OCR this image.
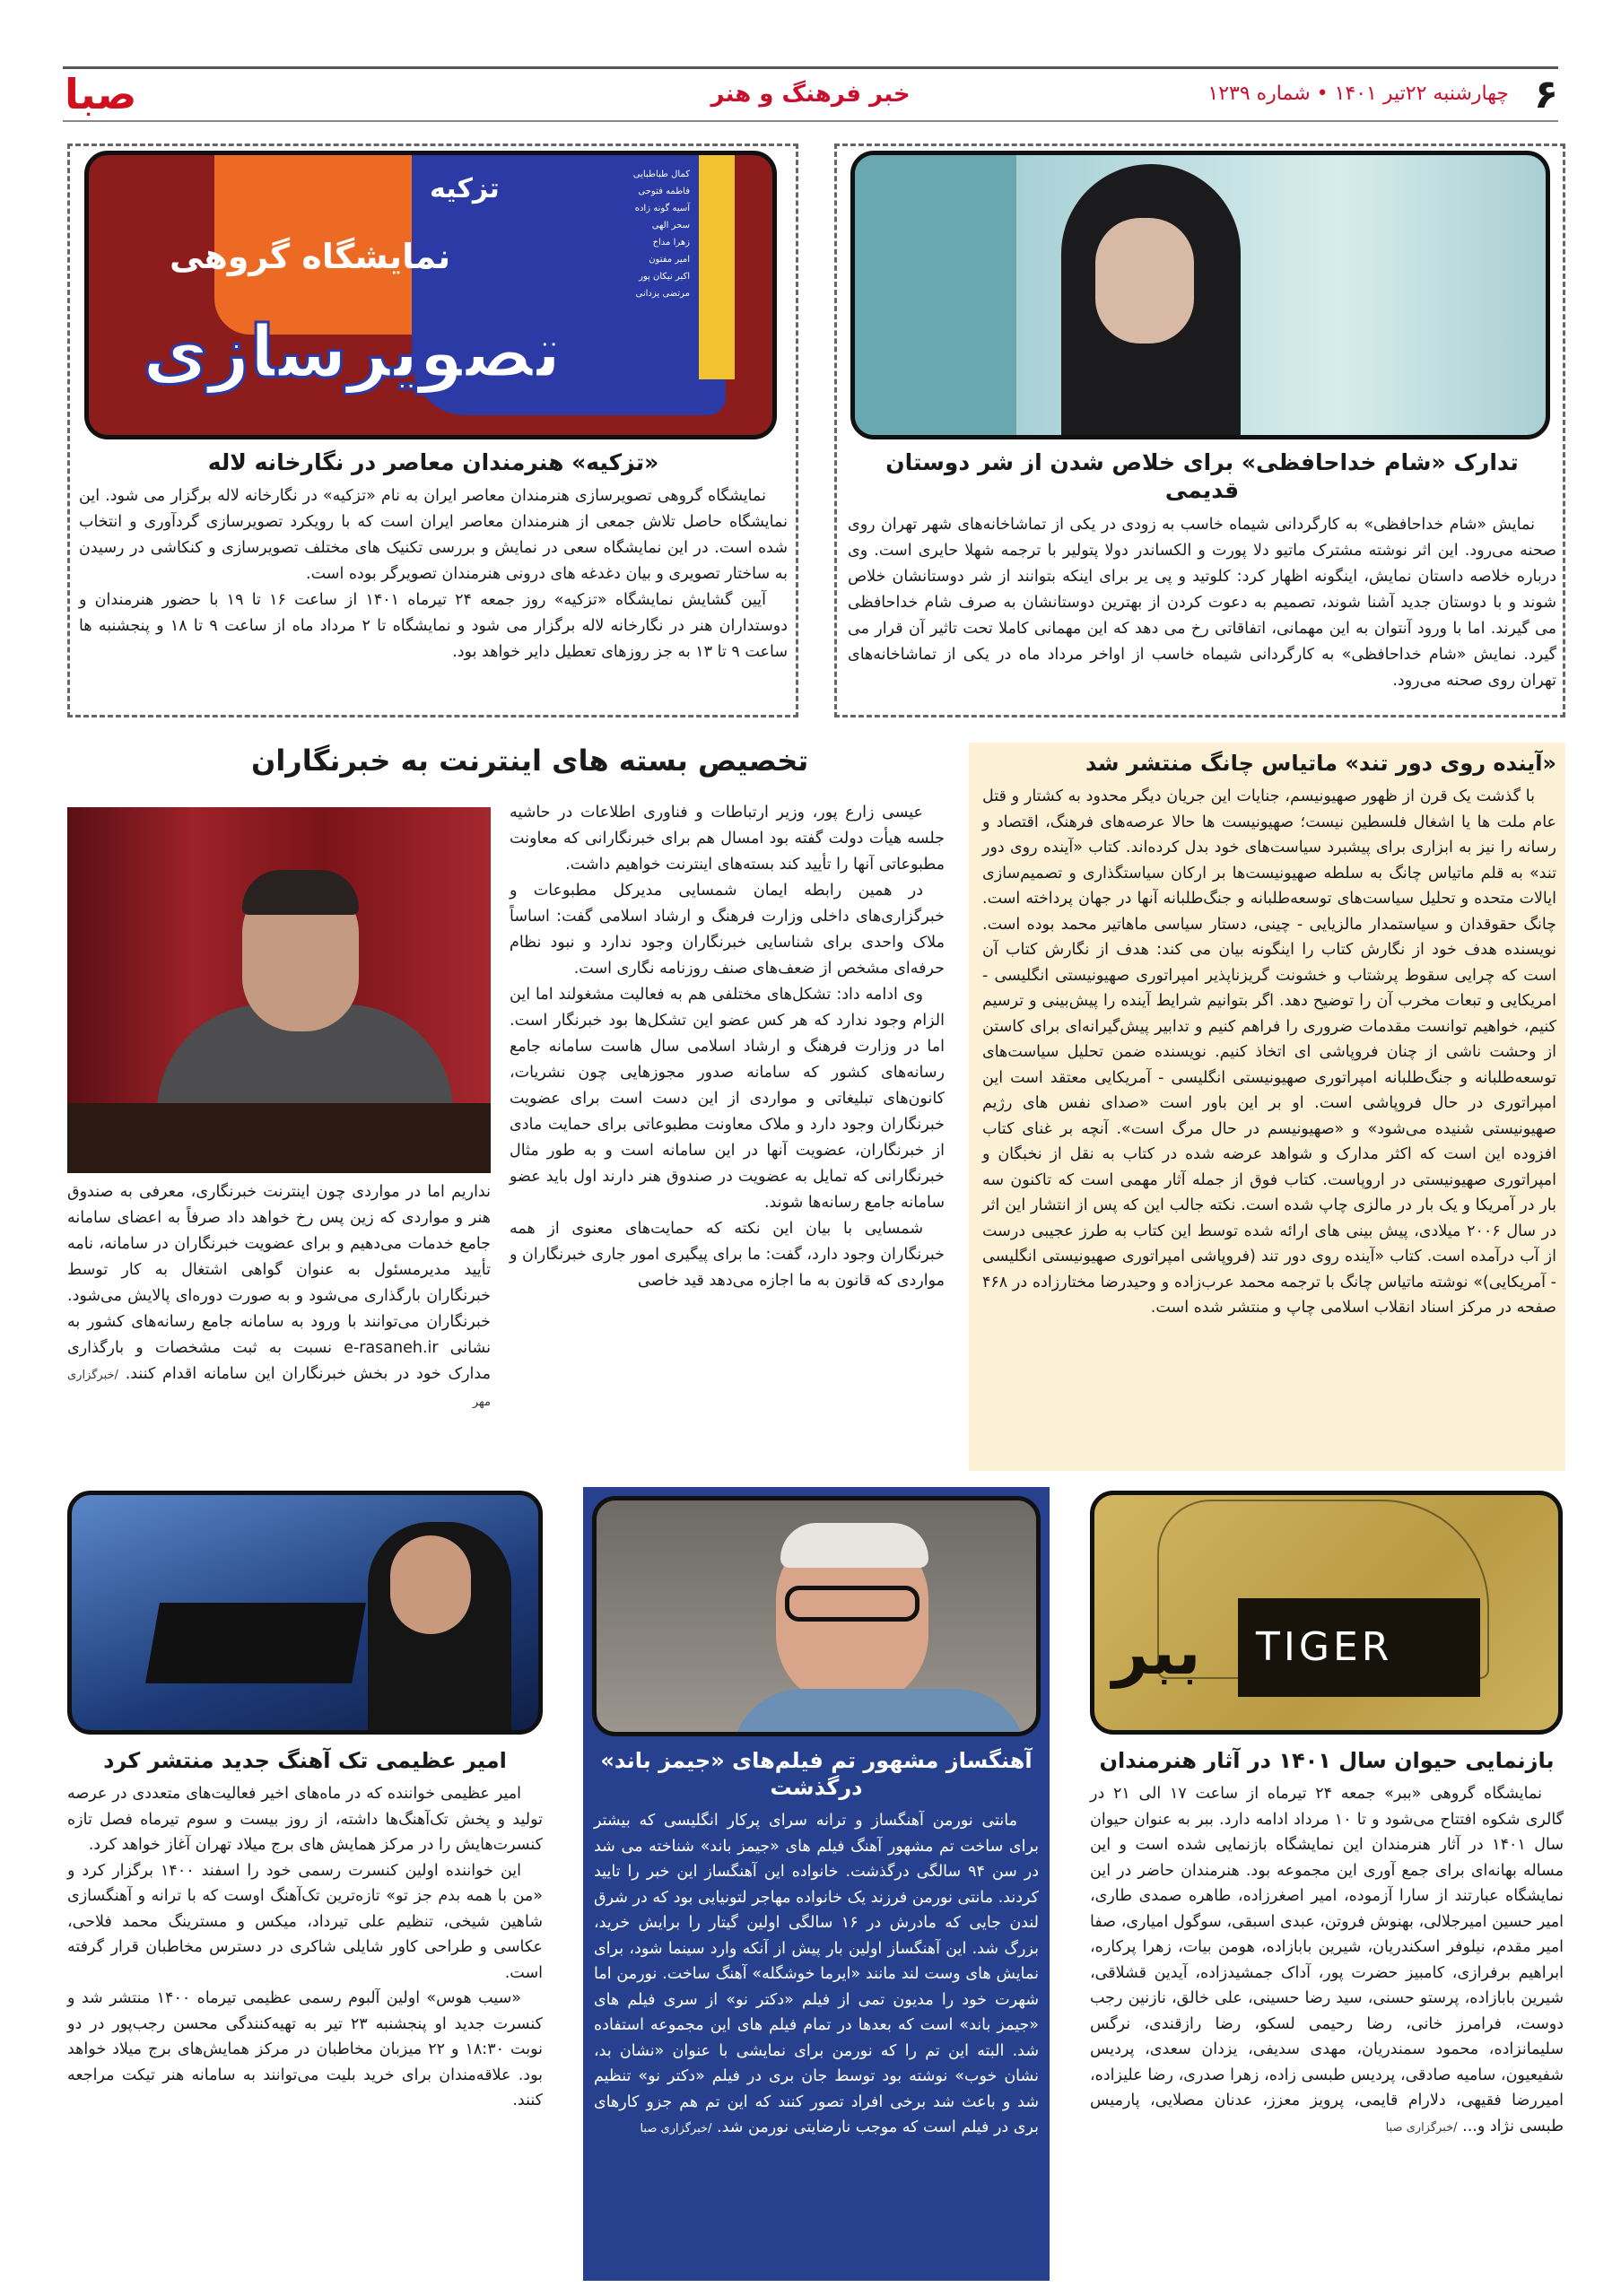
۶
چهارشنبه ۲۲تیر ۱۴۰۱ • شماره ۱۲۳۹
خبر فرهنگ و هنر
صبا
تدارک «شام خداحافظی» برای خلاص شدن از شر دوستان قدیمی

نمایش «شام خداحافظی» به کارگردانی شیماه خاسب به زودی در یکی از تماشاخانه‌های شهر تهران روی صحنه می‌رود. این اثر نوشته مشترک ماتیو دلا پورت و الکساندر دولا پتولیر با ترجمه شهلا حایری است. وی درباره خلاصه داستان نمایش، اینگونه اظهار کرد: کلوتید و پی یر برای اینکه بتوانند از شر دوستانشان خلاص شوند و با دوستان جدید آشنا شوند، تصمیم به دعوت کردن از بهترین دوستانشان به صرف شام خداحافظی می گیرند. اما با ورود آنتوان به این مهمانی، اتفاقاتی رخ می دهد که این مهمانی کاملا تحت تاثیر آن قرار می گیرد. نمایش «شام خداحافظی» به کارگردانی شیماه خاسب از اواخر مرداد ماه در یکی از تماشاخانه‌های تهران روی صحنه می‌رود.

تزکیه
نمایشگاه گروهی
تصویرسازی
کمال طباطبایی
فاطمه فتوحی
آسیه گونه زاده
سحر الهی
زهرا مداح
امیر مفتون
اکبر نیکان پور
مرتضی یزدانی
«تزکیه» هنرمندان معاصر در نگارخانه لاله

نمایشگاه گروهی تصویرسازی هنرمندان معاصر ایران به نام «تزکیه» در نگارخانه لاله برگزار می شود. این نمایشگاه حاصل تلاش جمعی از هنرمندان معاصر ایران است که با رویکرد تصویرسازی گردآوری و انتخاب شده است. در این نمایشگاه سعی در نمایش و بررسی تکنیک های مختلف تصویرسازی و کنکاشی در رسیدن به ساختار تصویری و بیان دغدغه های درونی هنرمندان تصویرگر بوده است.

آیین گشایش نمایشگاه «تزکیه» روز جمعه ۲۴ تیرماه ۱۴۰۱ از ساعت ۱۶ تا ۱۹ با حضور هنرمندان و دوستداران هنر در نگارخانه لاله برگزار می شود و نمایشگاه تا ۲ مرداد ماه از ساعت ۹ تا ۱۸ و پنجشنبه ها ساعت ۹ تا ۱۳ به جز روزهای تعطیل دایر خواهد بود.

«آینده روی دور تند» ماتیاس چانگ منتشر شد

با گذشت یک قرن از ظهور صهیونیسم، جنایات این جریان دیگر محدود به کشتار و قتل عام ملت ها یا اشغال فلسطین نیست؛ صهیونیست ها حالا عرصه‌های فرهنگ، اقتصاد و رسانه را نیز به ابزاری برای پیشبرد سیاست‌های خود بدل کرده‌اند. کتاب «آینده روی دور تند» به قلم ماتیاس چانگ به سلطه صهیونیست‌ها بر ارکان سیاستگذاری و تصمیم‌سازی ایالات متحده و تحلیل سیاست‌های توسعه‌طلبانه و جنگ‌طلبانه آنها در جهان پرداخته است. چانگ حقوقدان و سیاستمدار مالزیایی - چینی، دستار سیاسی ماهاتیر محمد بوده است. نویسنده هدف خود از نگارش کتاب را اینگونه بیان می کند: هدف از نگارش کتاب آن است که چرایی سقوط پرشتاب و خشونت گریزناپذیر امپراتوری صهیونیستی انگلیسی - امریکایی و تبعات مخرب آن را توضیح دهد. اگر بتوانیم شرایط آینده را پیش‌بینی و ترسیم کنیم، خواهیم توانست مقدمات ضروری را فراهم کنیم و تدابیر پیش‌گیرانه‌ای برای کاستن از وحشت ناشی از چنان فروپاشی ای اتخاذ کنیم. نویسنده ضمن تحلیل سیاست‌های توسعه‌طلبانه و جنگ‌طلبانه امپراتوری صهیونیستی انگلیسی - آمریکایی معتقد است این امپراتوری در حال فروپاشی است. او بر این باور است «صدای نفس های رژیم صهیونیستی شنیده می‌شود» و «صهیونیسم در حال مرگ است». آنچه بر غنای کتاب افزوده این است که اکثر مدارک و شواهد عرضه شده در کتاب به نقل از نخبگان و امپراتوری صهیونیستی در اروپاست. کتاب فوق از جمله آثار مهمی است که تاکنون سه بار در آمریکا و یک بار در مالزی چاپ شده است. نکته جالب این که پس از انتشار این اثر در سال ۲۰۰۶ میلادی، پیش بینی های ارائه شده توسط این کتاب به طرز عجیبی درست از آب درآمده است. کتاب «آینده روی دور تند (فروپاشی امپراتوری صهیونیستی انگلیسی - آمریکایی)» نوشته ماتیاس چانگ با ترجمه محمد عرب‌زاده و وحیدرضا مختارزاده در ۴۶۸ صفحه در مرکز اسناد انقلاب اسلامی چاپ و منتشر شده است.

تخصیص بسته های اینترنت به خبرنگاران

عیسی زارع پور، وزیر ارتباطات و فناوری اطلاعات در حاشیه جلسه هیأت دولت گفته بود امسال هم برای خبرنگارانی که معاونت مطبوعاتی آنها را تأیید کند بسته‌های اینترنت خواهیم داشت.

در همین رابطه ایمان شمسایی مدیرکل مطبوعات و خبرگزاری‌های داخلی وزارت فرهنگ و ارشاد اسلامی گفت: اساساً ملاک واحدی برای شناسایی خبرنگاران وجود ندارد و نبود نظام حرفه‌ای مشخص از ضعف‌های صنف روزنامه نگاری است.

وی ادامه داد: تشکل‌های مختلفی هم به فعالیت مشغولند اما این الزام وجود ندارد که هر کس عضو این تشکل‌ها بود خبرنگار است. اما در وزارت فرهنگ و ارشاد اسلامی سال هاست سامانه جامع رسانه‌های کشور که سامانه صدور مجوزهایی چون نشریات، کانون‌های تبلیغاتی و مواردی از این دست است برای عضویت خبرنگاران وجود دارد و ملاک معاونت مطبوعاتی برای حمایت مادی از خبرنگاران، عضویت آنها در این سامانه است و به طور مثال خبرنگارانی که تمایل به عضویت در صندوق هنر دارند اول باید عضو سامانه جامع رسانه‌ها شوند.

شمسایی با بیان این نکته که حمایت‌های معنوی از همه خبرنگاران وجود دارد، گفت: ما برای پیگیری امور جاری خبرنگاران و مواردی که قانون به ما اجازه می‌دهد قید خاصی

نداریم اما در مواردی چون اینترنت خبرنگاری، معرفی به صندوق هنر و مواردی که زین پس رخ خواهد داد صرفاً به اعضای سامانه جامع خدمات می‌دهیم و برای عضویت خبرنگاران در سامانه، نامه تأیید مدیرمسئول به عنوان گواهی اشتغال به کار توسط خبرنگاران بارگذاری می‌شود و به صورت دوره‌ای پالایش می‌شود. خبرنگاران می‌توانند با ورود به سامانه جامع رسانه‌های کشور به نشانی e-rasaneh.ir نسبت به ثبت مشخصات و بارگذاری مدارک خود در بخش خبرنگاران این سامانه اقدام کنند. /خبرگزاری مهر

ببر TIGER
بازنمایی حیوان سال ۱۴۰۱ در آثار هنرمندان

نمایشگاه گروهی «ببر» جمعه ۲۴ تیرماه از ساعت ۱۷ الی ۲۱ در گالری شکوه افتتاح می‌شود و تا ۱۰ مرداد ادامه دارد. ببر به عنوان حیوان سال ۱۴۰۱ در آثار هنرمندان این نمایشگاه بازنمایی شده است و این مساله بهانه‌ای برای جمع آوری این مجموعه بود. هنرمندان حاضر در این نمایشگاه عبارتند از سارا آزموده، امیر اصغرزاده، طاهره صمدی طاری، امیر حسین امیرجلالی، بهنوش فروتن، عبدی اسبقی، سوگول امیاری، صفا امیر مقدم، نیلوفر اسکندریان، شیرین بابازاده، هومن بیات، زهرا پرکاره، ابراهیم برفرازی، کامبیز حضرت پور، آداک جمشیدزاده، آیدین قشلاقی، شیرین بابازاده، پرستو حسنی، سید رضا حسینی، علی خالق، نازنین رجب دوست، فرامرز خانی، رضا رحیمی لسکو، رضا رازقندی، نرگس سلیمانزاده، محمود سمندریان، مهدی سدیفی، یزدان سعدی، پردیس شفیعیون، سامیه صادقی، پردیس طبسی زاده، زهرا صدری، رضا علیزاده، امیررضا فقیهی، دلارام قایمی، پرویز معزز، عدنان مصلایی، پارمیس طبسی نژاد و... /خبرگزاری صبا

آهنگساز مشهور تم فیلم‌های «جیمز باند» درگذشت

مانتی نورمن آهنگساز و ترانه سرای پرکار انگلیسی که بیشتر برای ساخت تم مشهور آهنگ فیلم های «جیمز باند» شناخته می شد در سن ۹۴ سالگی درگذشت. خانواده این آهنگساز این خبر را تایید کردند. مانتی نورمن فرزند یک خانواده مهاجر لتونیایی بود که در شرق لندن جایی که مادرش در ۱۶ سالگی اولین گیتار را برایش خرید، بزرگ شد. این آهنگساز اولین بار پیش از آنکه وارد سینما شود، برای نمایش های وست لند مانند «ایرما خوشگله» آهنگ ساخت. نورمن اما شهرت خود را مدیون تمی از فیلم «دکتر نو» از سری فیلم های «جیمز باند» است که بعدها در تمام فیلم های این مجموعه استفاده شد. البته این تم را که نورمن برای نمایشی با عنوان «نشان بد، نشان خوب» نوشته بود توسط جان بری در فیلم «دکتر نو» تنظیم شد و باعث شد برخی افراد تصور کنند که این تم هم جزو کارهای بری در فیلم است که موجب نارضایتی نورمن شد. /خبرگزاری صبا

امیر عظیمی تک آهنگ جدید منتشر کرد

امیر عظیمی خواننده که در ماه‌های اخیر فعالیت‌های متعددی در عرصه تولید و پخش تک‌آهنگ‌ها داشته، از روز بیست و سوم تیرماه فصل تازه کنسرت‌هایش را در مرکز همایش های برج میلاد تهران آغاز خواهد کرد.

این خواننده اولین کنسرت رسمی خود را اسفند ۱۴۰۰ برگزار کرد و «من با همه بدم جز تو» تازه‌ترین تک‌آهنگ اوست که با ترانه و آهنگسازی شاهین شیخی، تنظیم علی تیرداد، میکس و مسترینگ محمد فلاحی، عکاسی و طراحی کاور شایلی شاکری در دسترس مخاطبان قرار گرفته است.

«سیب هوس» اولین آلبوم رسمی عظیمی تیرماه ۱۴۰۰ منتشر شد و کنسرت جدید او پنجشنبه ۲۳ تیر به تهیه‌کنندگی محسن رجب‌پور در دو نوبت ۱۸:۳۰ و ۲۲ میزبان مخاطبان در مرکز همایش‌های برج میلاد خواهد بود. علاقه‌مندان برای خرید بلیت می‌توانند به سامانه هنر تیکت مراجعه کنند.
